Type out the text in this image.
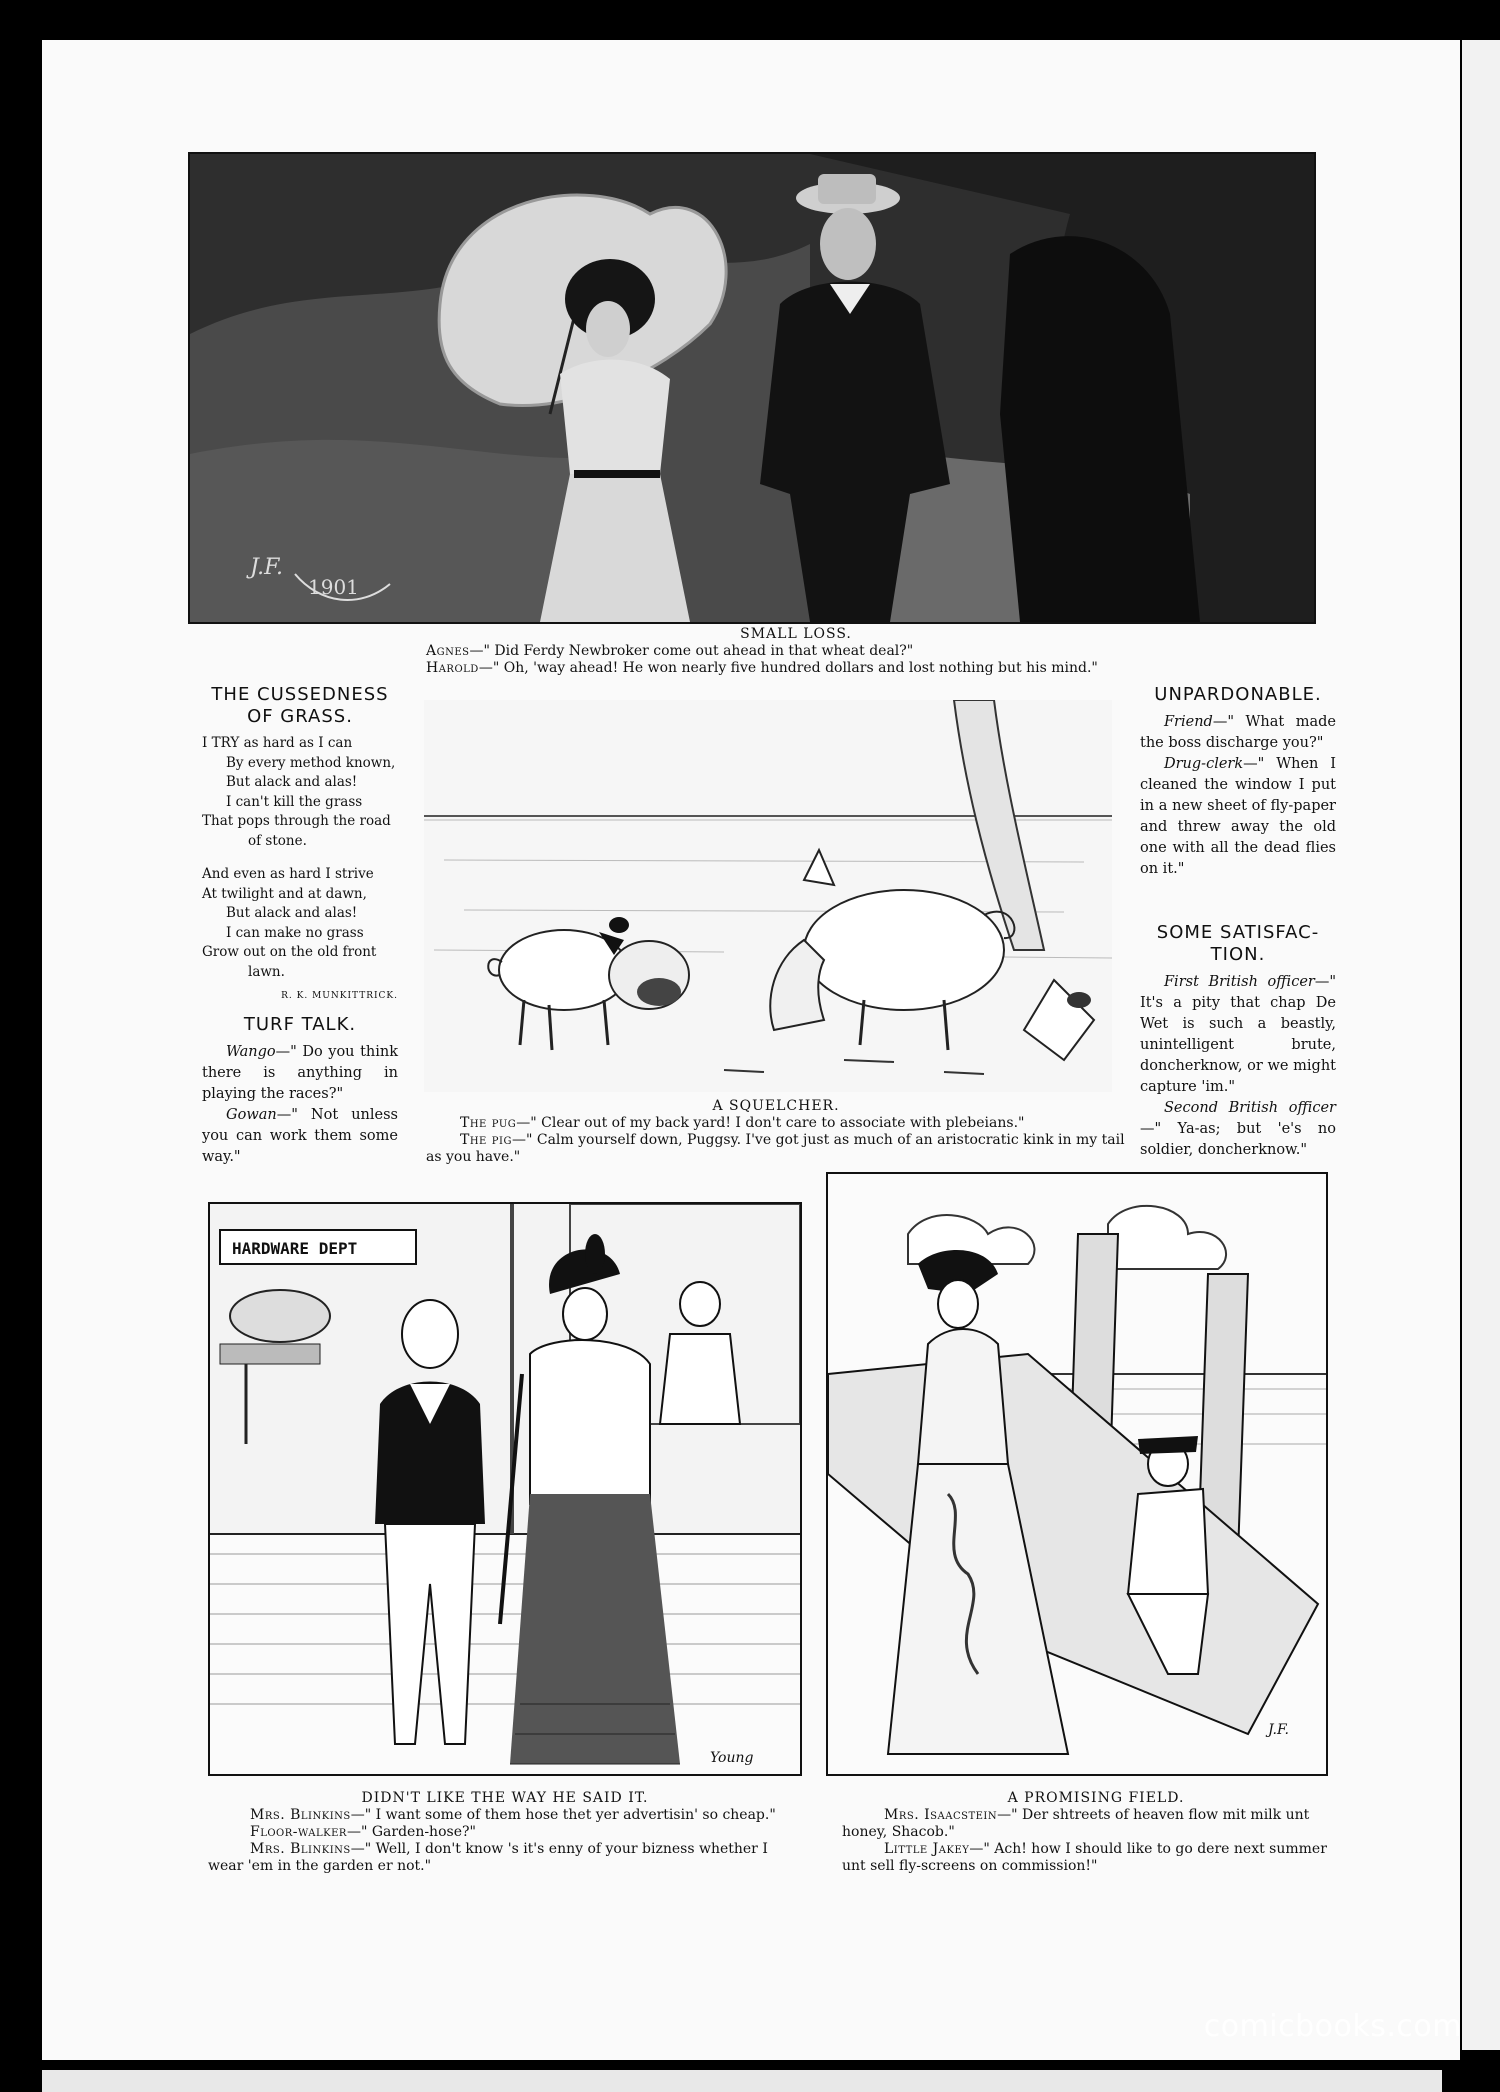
J.F.
1901
SMALL LOSS.
Agnes—" Did Ferdy Newbroker come out ahead in that wheat deal?"
Harold—" Oh, 'way ahead! He won nearly five hundred dollars and lost nothing but his mind."
THE CUSSEDNESS
OF GRASS.

I TRY as hard as I can

By every method known,

But alack and alas!

I can't kill the grass

That pops through the road

of stone.

And even as hard I strive

At twilight and at dawn,

But alack and alas!

I can make no grass

Grow out on the old front

lawn.

R. K. MUNKITTRICK.
TURF TALK.
Wango—" Do you think there is anything in playing the races?"
Gowan—" Not unless you can work them some way."
A SQUELCHER.
The pug—" Clear out of my back yard! I don't care to associate with plebeians."
The pig—" Calm yourself down, Puggsy. I've got just as much of an aristocratic kink in my tail as you have."
UNPARDONABLE.
Friend—" What made the boss discharge you?"
Drug-clerk—" When I cleaned the window I put in a new sheet of fly-paper and threw away the old one with all the dead flies on it."
SOME SATISFAC-
TION.
First British officer—" It's a pity that chap De Wet is such a beastly, unintelligent brute, doncherknow, or we might capture 'im."
Second British officer—" Ya-as; but 'e's no soldier, doncherknow."
HARDWARE DEPT
Young
DIDN'T LIKE THE WAY HE SAID IT.
Mrs. Blinkins—" I want some of them hose thet yer advertisin' so cheap."
Floor-walker—" Garden-hose?"
Mrs. Blinkins—" Well, I don't know 's it's enny of your bizness whether I wear 'em in the garden er not."
J.F.
A PROMISING FIELD.
Mrs. Isaacstein—" Der shtreets of heaven flow mit milk unt honey, Shacob."
Little Jakey—" Ach! how I should like to go dere next summer unt sell fly-screens on commission!"
comicbooks.com
